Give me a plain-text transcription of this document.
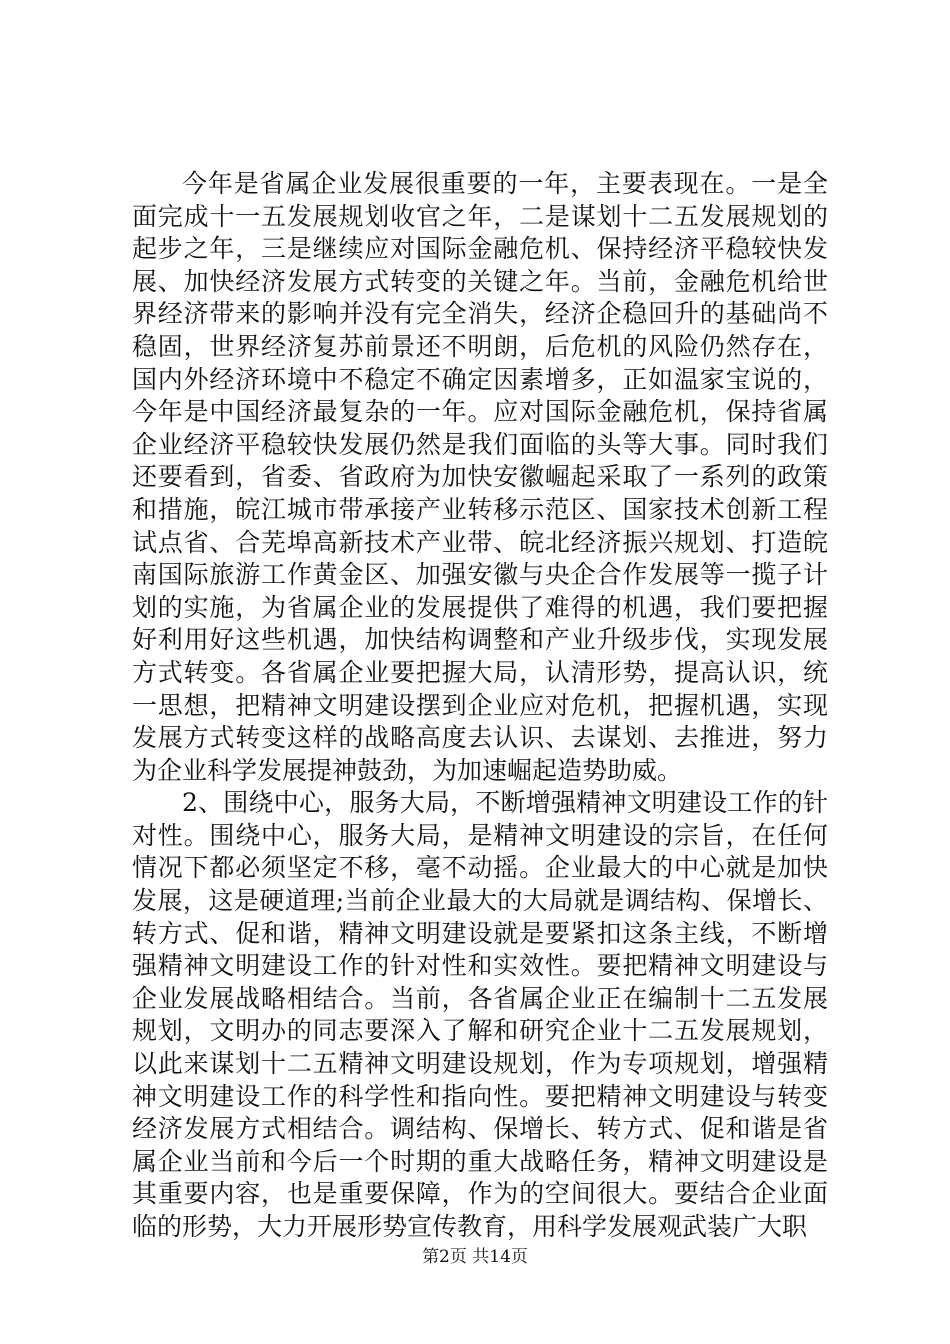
今年是省属企业发展很重要的一年，主要表现在。一是全面完成十一五发展规划收官之年，二是谋划十二五发展规划的起步之年，三是继续应对国际金融危机、保持经济平稳较快发展、加快经济发展方式转变的关键之年。当前，金融危机给世界经济带来的影响并没有完全消失，经济企稳回升的基础尚不稳固，世界经济复苏前景还不明朗，后危机的风险仍然存在，国内外经济环境中不稳定不确定因素增多，正如温家宝说的，今年是中国经济最复杂的一年。应对国际金融危机，保持省属企业经济平稳较快发展仍然是我们面临的头等大事。同时我们还要看到，省委、省政府为加快安徽崛起采取了一系列的政策和措施，皖江城市带承接产业转移示范区、国家技术创新工程试点省、合芜埠高新技术产业带、皖北经济振兴规划、打造皖南国际旅游工作黄金区、加强安徽与央企合作发展等一揽子计划的实施，为省属企业的发展提供了难得的机遇，我们要把握好利用好这些机遇，加快结构调整和产业升级步伐，实现发展方式转变。各省属企业要把握大局，认清形势，提高认识，统一思想，把精神文明建设摆到企业应对危机，把握机遇，实现发展方式转变这样的战略高度去认识、去谋划、去推进，努力为企业科学发展提神鼓劲，为加速崛起造势助威。

2、围绕中心，服务大局，不断增强精神文明建设工作的针对性。围绕中心，服务大局，是精神文明建设的宗旨，在任何情况下都必须坚定不移，毫不动摇。企业最大的中心就是加快发展，这是硬道理;当前企业最大的大局就是调结构、保增长、转方式、促和谐，精神文明建设就是要紧扣这条主线，不断增强精神文明建设工作的针对性和实效性。要把精神文明建设与企业发展战略相结合。当前，各省属企业正在编制十二五发展规划，文明办的同志要深入了解和研究企业十二五发展规划，以此来谋划十二五精神文明建设规划，作为专项规划，增强精神文明建设工作的科学性和指向性。要把精神文明建设与转变经济发展方式相结合。调结构、保增长、转方式、促和谐是省属企业当前和今后一个时期的重大战略任务，精神文明建设是其重要内容，也是重要保障，作为的空间很大。要结合企业面临的形势，大力开展形势宣传教育，用科学发展观武装广大职

第2页 共14页
